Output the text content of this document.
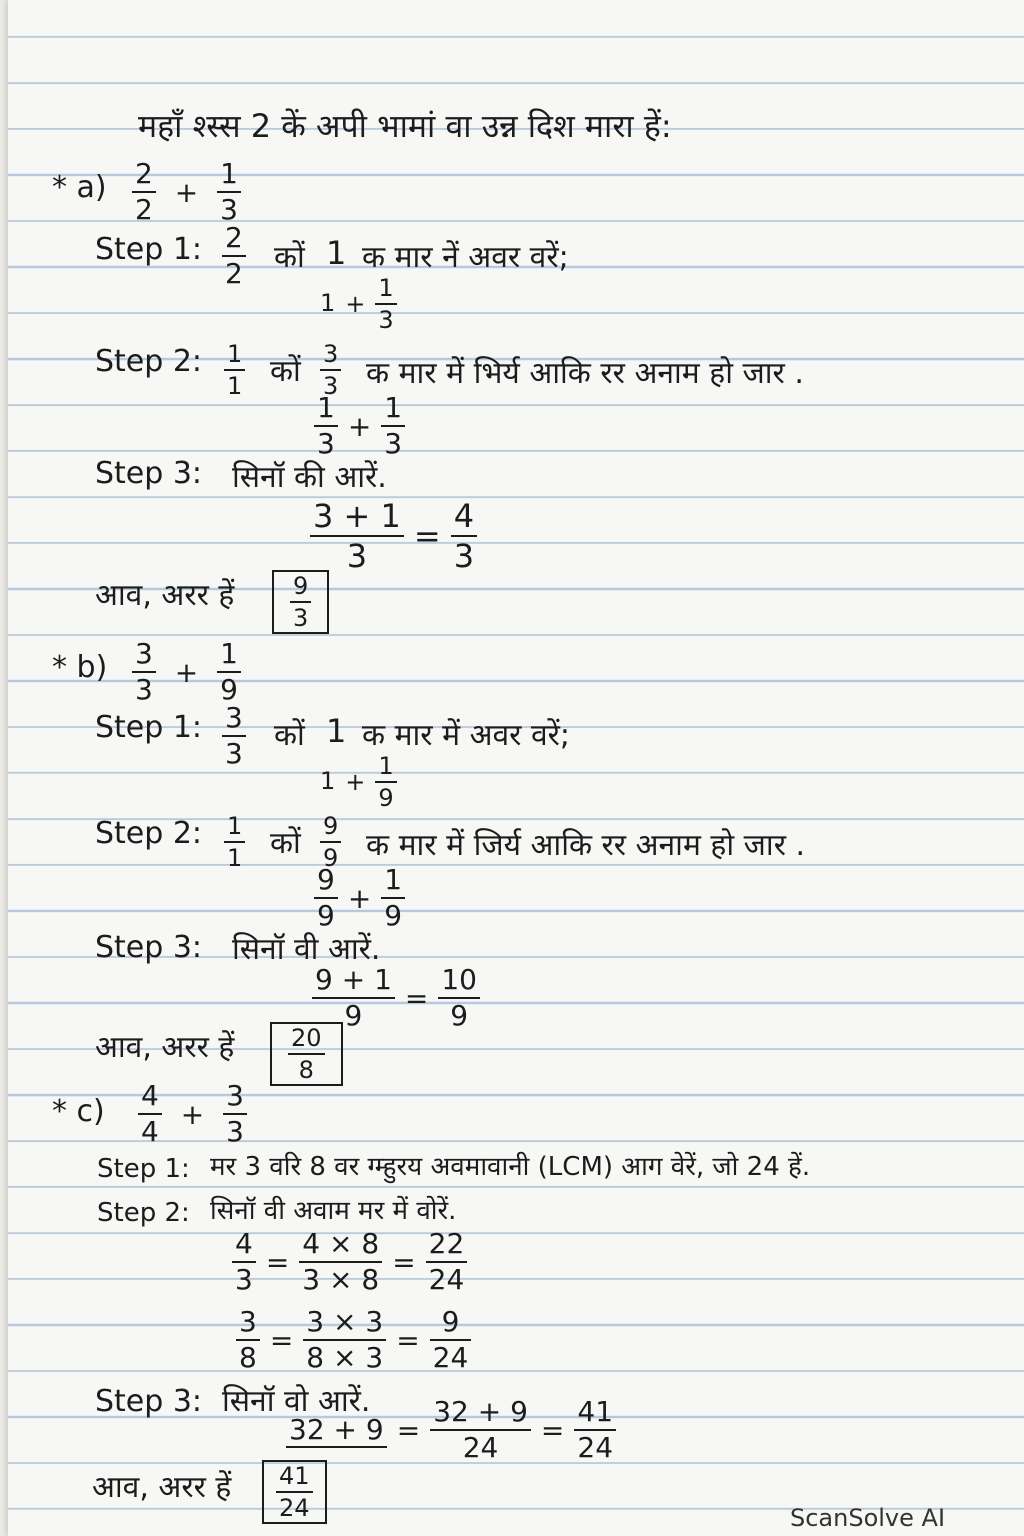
महाँ श्स्स 2 कें अपी भामां वा उन्न दिश मारा हें:
* $a) \frac{2}{2} + \frac{1}{3}$
Step 1: $\frac{2}{2}$ कों 1 क मार नें अवर वरें;
$1 + \frac{1}{3}$
Step 2: $\frac{1}{1}$ कों $\frac{3}{3}$ क मार में भिर्य आकि रर अनाम हो जार .
$\frac{1}{3} + \frac{1}{3}$
Step 3: सिनॉ की आरें.
$\frac{3 + 1}{3} = \frac{4}{3}$
आव, अरर हें $\frac{9}{3}$
* $b) \frac{3}{3} + \frac{1}{9}$
Step 1: $\frac{3}{3}$ कों 1 क मार में अवर वरें;
$1 + \frac{1}{9}$
Step 2: $\frac{1}{1}$ कों $\frac{9}{9}$ क मार में जिर्य आकि रर अनाम हो जार .
$\frac{9}{9} + \frac{1}{9}$
Step 3: सिनॉ वी आरें.
$\frac{9 + 1}{9} = \frac{10}{9}$
आव, अरर हें $\frac{20}{8}$
* $c) \frac{4}{4} + \frac{3}{3}$
Step 1: मर 3 वरि 8 वर ग्म्हुरय अवमावानी (LCM) आग वेरें, जो 24 हें.
Step 2: सिनॉ वी अवाम मर में वोरें.
$\frac{4}{3} = \frac{4 \times 8}{3 \times 8} = \frac{22}{24}$
$\frac{3}{8} = \frac{3 \times 3}{8 \times 3} = \frac{9}{24}$
Step 3: सिनॉ वो आरें.
$32 + 9 = \frac{32 + 9}{24} = \frac{41}{24}$
आव, अरर हें $\frac{41}{24}$	ScanSolve AI
